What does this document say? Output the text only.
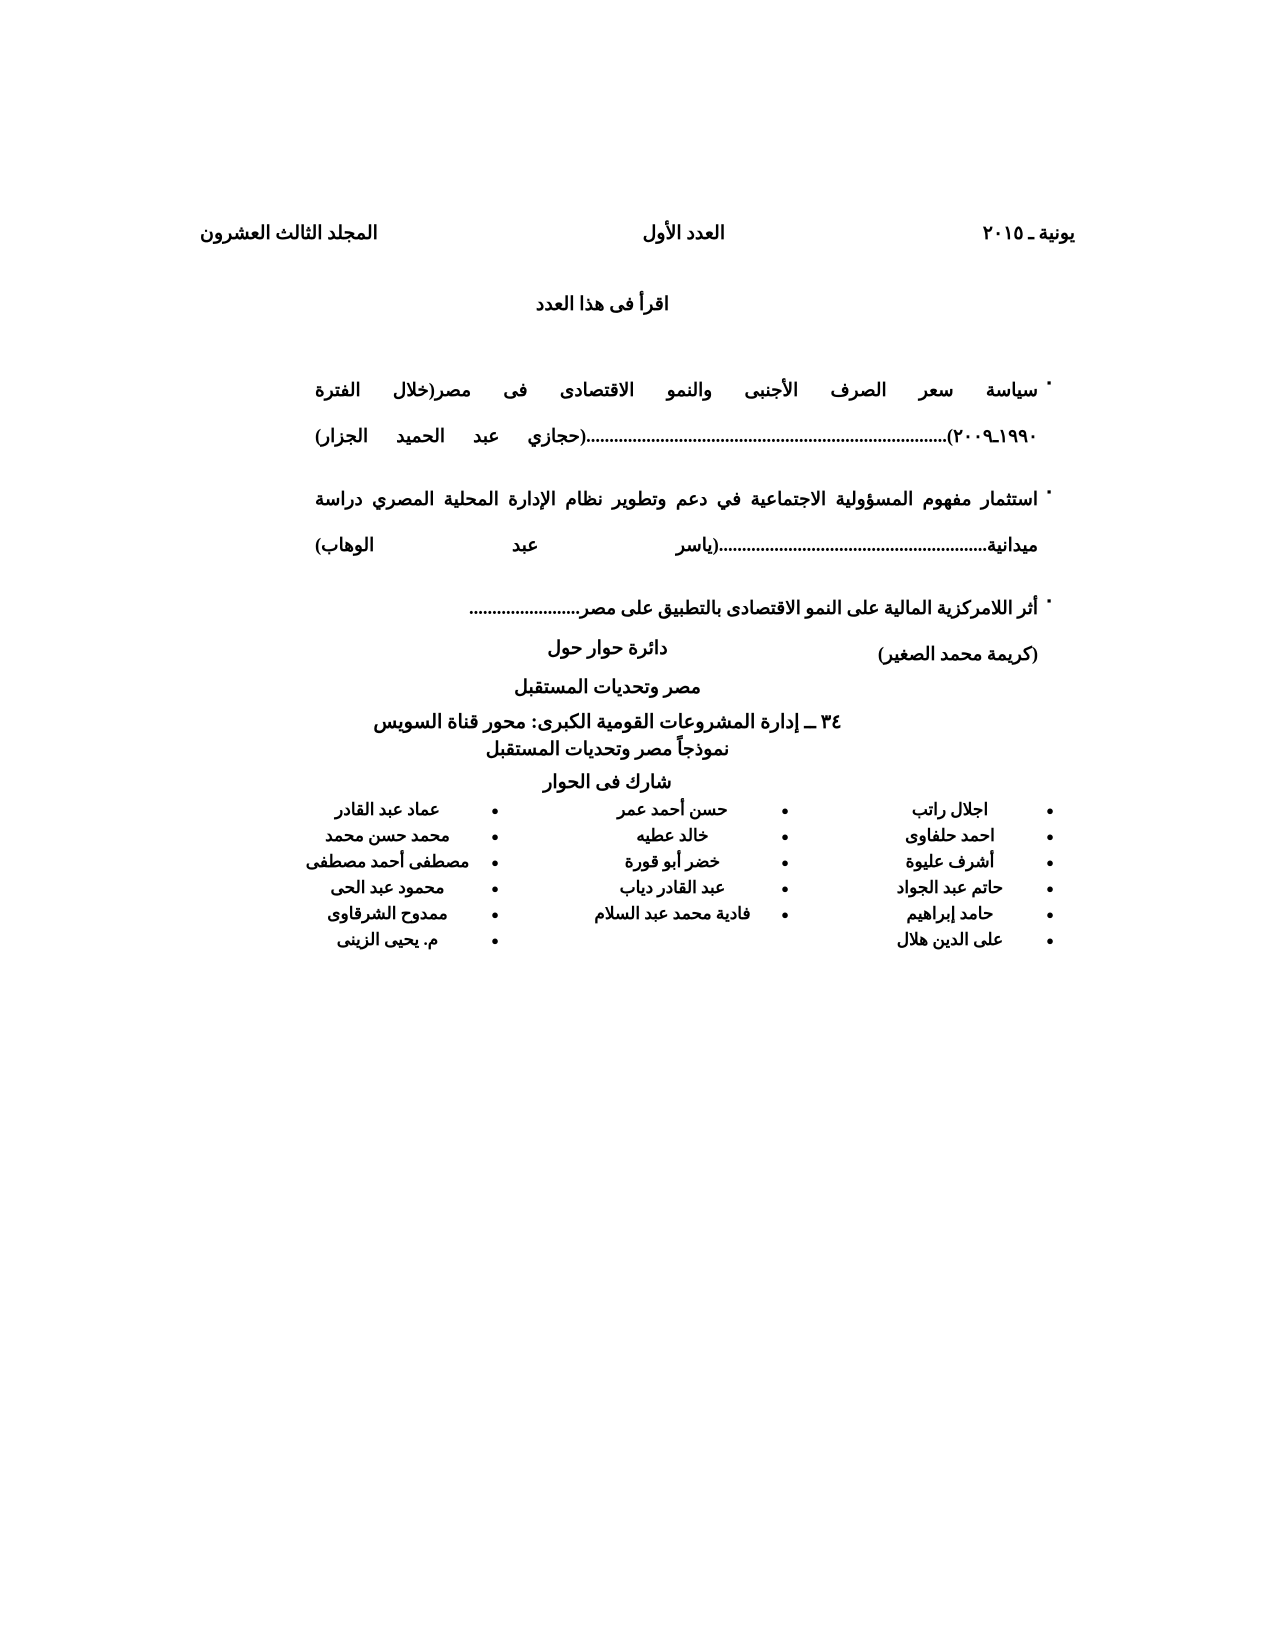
يونية ـ ٢٠١٥
العدد الأول
المجلد الثالث العشرون
اقرأ فى هذا العدد
▪
سياسة سعر الصرف الأجنبى والنمو الاقتصادى فى مصر(خلال الفترة ١٩٩٠ـ٢٠٠٩)..............................................................................(حجازي عبد الحميد الجزار)
▪
استثمار مفهوم المسؤولية الاجتماعية في دعم وتطوير نظام الإدارة المحلية المصري دراسة ميدانية..........................................................(ياسر عبد الوهاب)
▪
أثر اللامركزية المالية على النمو الاقتصادى بالتطبيق على مصر........................(كريمة محمد الصغير)
دائرة حوار حول
مصر وتحديات المستقبل
٣٤ ــ إدارة المشروعات القومية الكبرى: محور قناة السويس
نموذجاً مصر وتحديات المستقبل
شارك فى الحوار
●
اجلال راتب
●
احمد حلفاوى
●
أشرف عليوة
●
حاتم عبد الجواد
●
حامد إبراهيم
●
على الدين هلال
●
حسن أحمد عمر
●
خالد عطيه
●
خضر أبو قورة
●
عبد القادر دياب
●
فادية محمد عبد السلام
●
عماد عبد القادر
●
محمد حسن محمد
●
مصطفى أحمد مصطفى
●
محمود عبد الحى
●
ممدوح الشرقاوى
●
م. يحيى الزينى
